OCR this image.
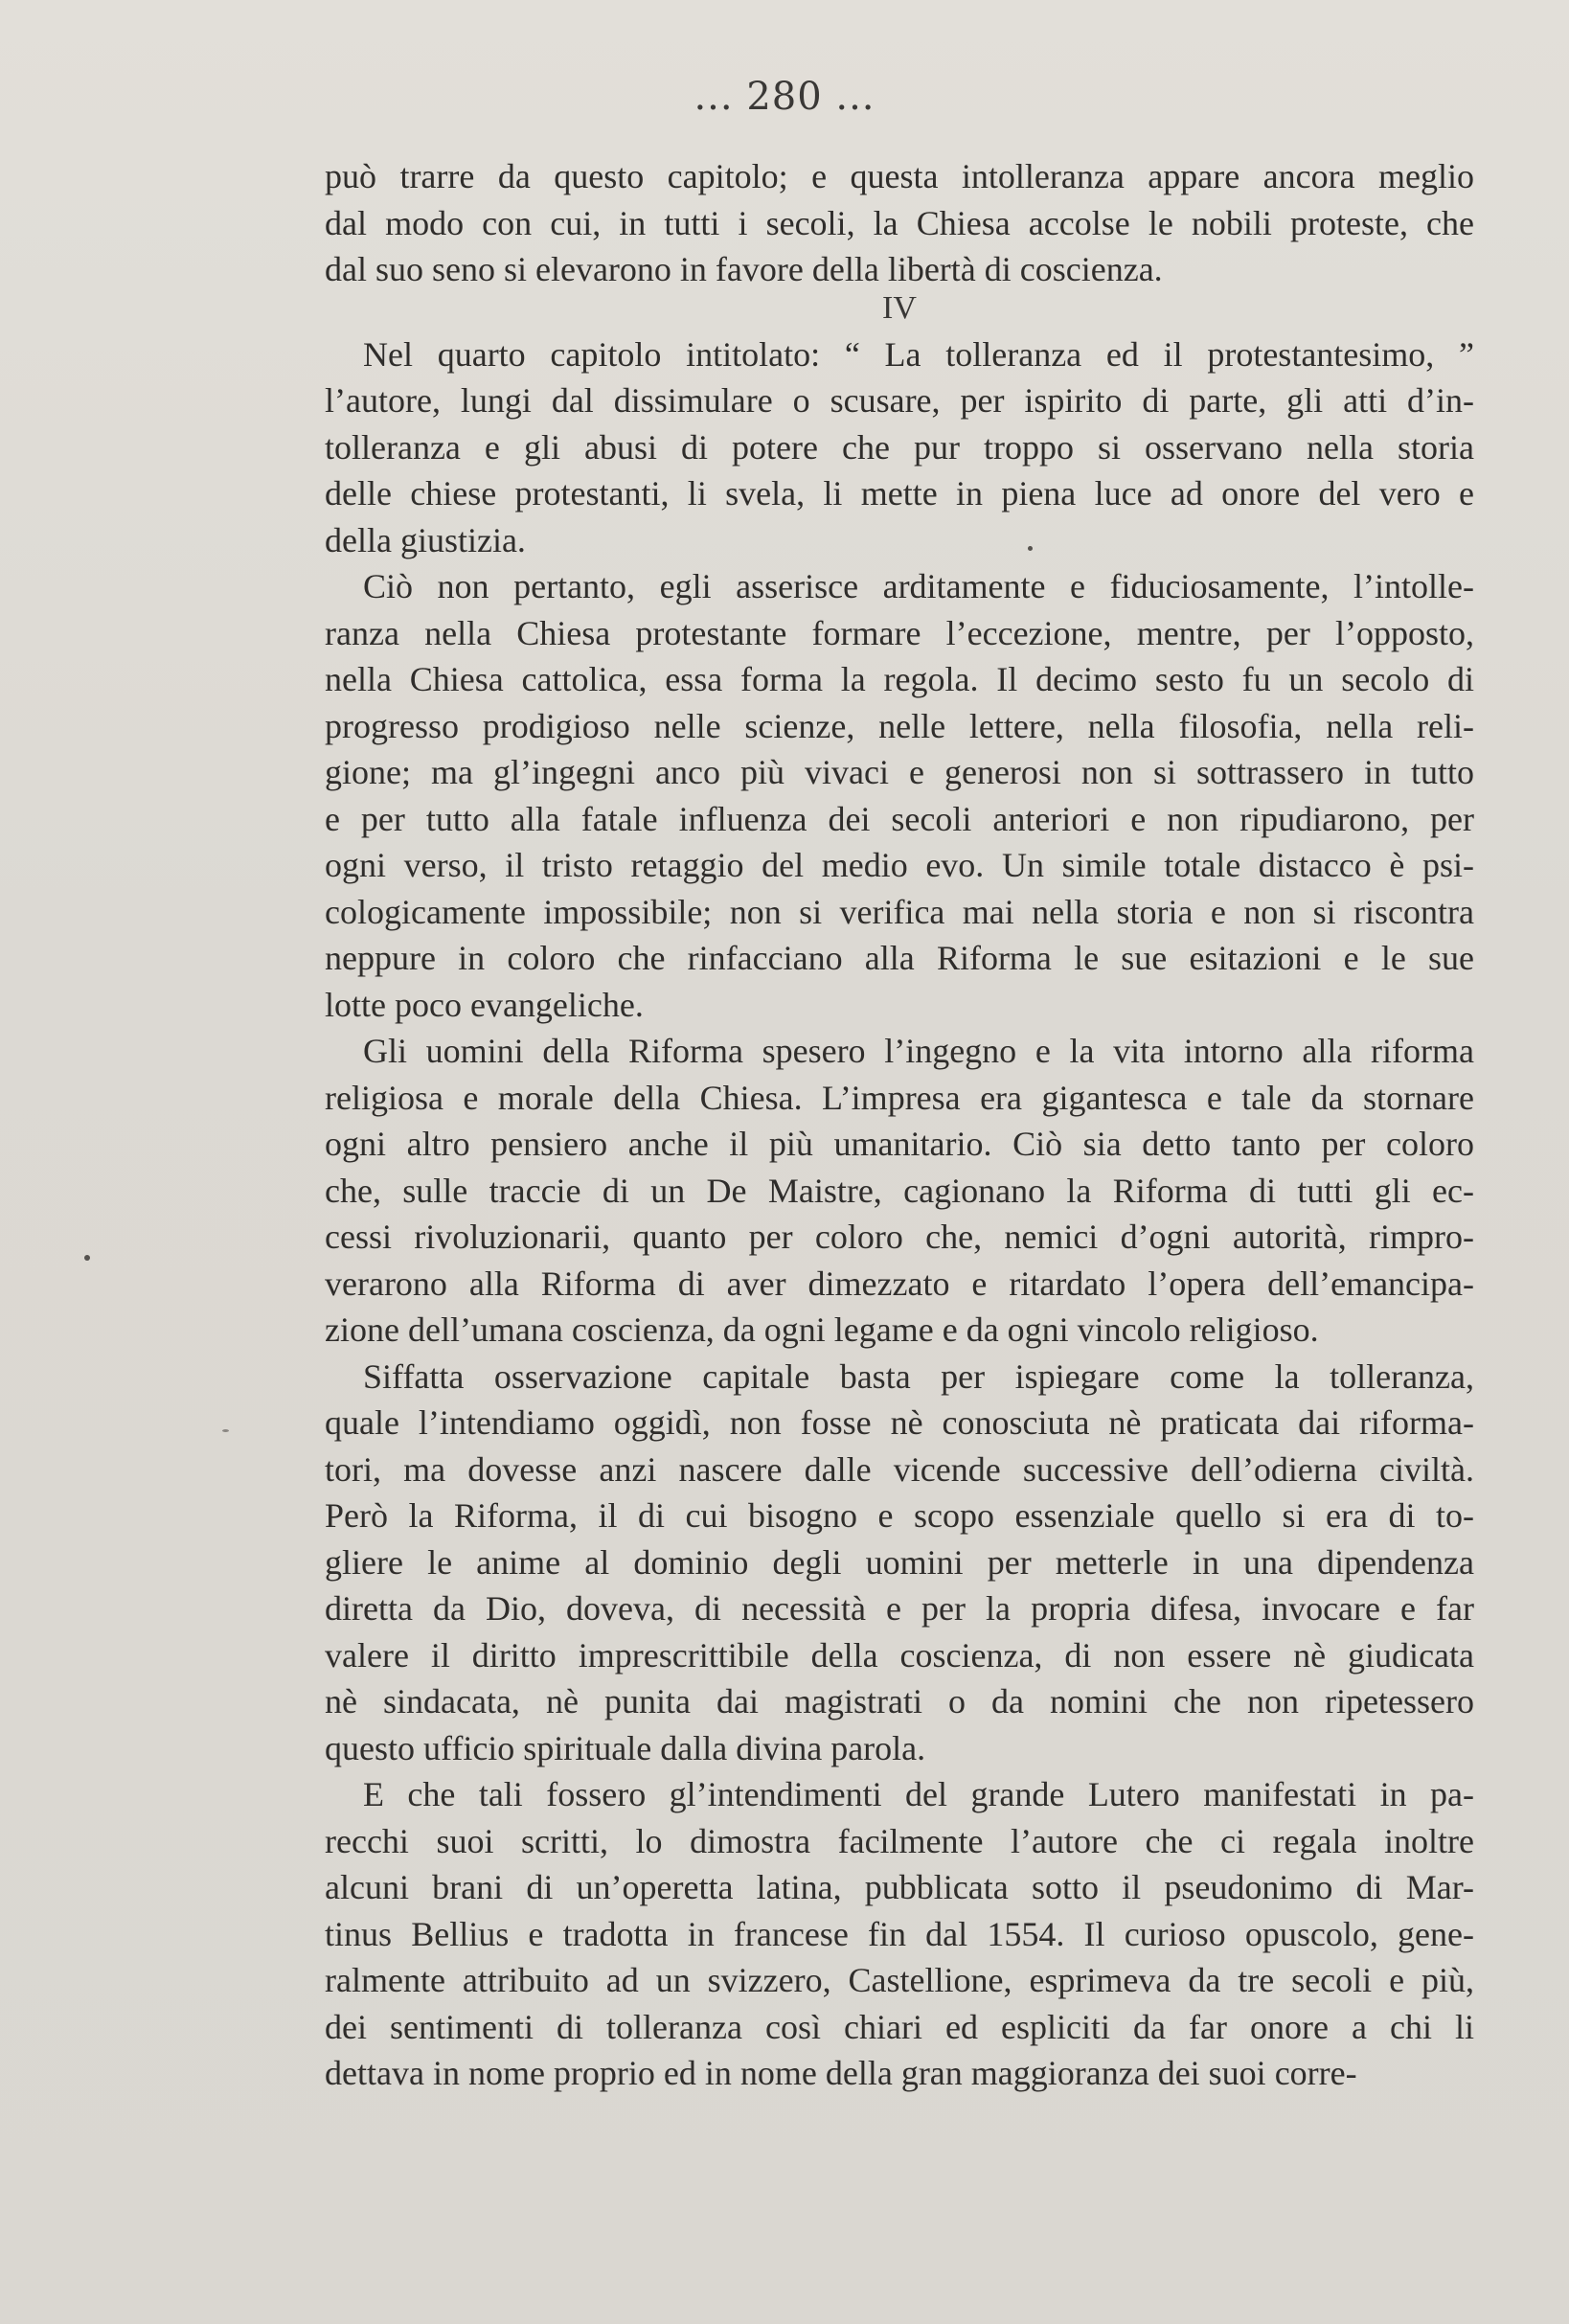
... 280 ...
può trarre da questo capitolo; e questa intolleranza appare ancora meglio
dal modo con cui, in tutti i secoli, la Chiesa accolse le nobili proteste, che
dal suo seno si elevarono in favore della libertà di coscienza.
IV
Nel quarto capitolo intitolato: “ La tolleranza ed il protestantesimo, ”
l’autore, lungi dal dissimulare o scusare, per ispirito di parte, gli atti d’in-
tolleranza e gli abusi di potere che pur troppo si osservano nella storia
delle chiese protestanti, li svela, li mette in piena luce ad onore del vero e
della giustizia.
Ciò non pertanto, egli asserisce arditamente e fiduciosamente, l’intolle-
ranza nella Chiesa protestante formare l’eccezione, mentre, per l’opposto,
nella Chiesa cattolica, essa forma la regola. Il decimo sesto fu un secolo di
progresso prodigioso nelle scienze, nelle lettere, nella filosofia, nella reli-
gione; ma gl’ingegni anco più vivaci e generosi non si sottrassero in tutto
e per tutto alla fatale influenza dei secoli anteriori e non ripudiarono, per
ogni verso, il tristo retaggio del medio evo. Un simile totale distacco è psi-
cologicamente impossibile; non si verifica mai nella storia e non si riscontra
neppure in coloro che rinfacciano alla Riforma le sue esitazioni e le sue
lotte poco evangeliche.
Gli uomini della Riforma spesero l’ingegno e la vita intorno alla riforma
religiosa e morale della Chiesa. L’impresa era gigantesca e tale da stornare
ogni altro pensiero anche il più umanitario. Ciò sia detto tanto per coloro
che, sulle traccie di un De Maistre, cagionano la Riforma di tutti gli ec-
cessi rivoluzionarii, quanto per coloro che, nemici d’ogni autorità, rimpro-
verarono alla Riforma di aver dimezzato e ritardato l’opera dell’emancipa-
zione dell’umana coscienza, da ogni legame e da ogni vincolo religioso.
Siffatta osservazione capitale basta per ispiegare come la tolleranza,
quale l’intendiamo oggidì, non fosse nè conosciuta nè praticata dai riforma-
tori, ma dovesse anzi nascere dalle vicende successive dell’odierna civiltà.
Però la Riforma, il di cui bisogno e scopo essenziale quello si era di to-
gliere le anime al dominio degli uomini per metterle in una dipendenza
diretta da Dio, doveva, di necessità e per la propria difesa, invocare e far
valere il diritto imprescrittibile della coscienza, di non essere nè giudicata
nè sindacata, nè punita dai magistrati o da nomini che non ripetessero
questo ufficio spirituale dalla divina parola.
E che tali fossero gl’intendimenti del grande Lutero manifestati in pa-
recchi suoi scritti, lo dimostra facilmente l’autore che ci regala inoltre
alcuni brani di un’operetta latina, pubblicata sotto il pseudonimo di Mar-
tinus Bellius e tradotta in francese fin dal 1554. Il curioso opuscolo, gene-
ralmente attribuito ad un svizzero, Castellione, esprimeva da tre secoli e più,
dei sentimenti di tolleranza così chiari ed espliciti da far onore a chi li
dettava in nome proprio ed in nome della gran maggioranza dei suoi corre-
